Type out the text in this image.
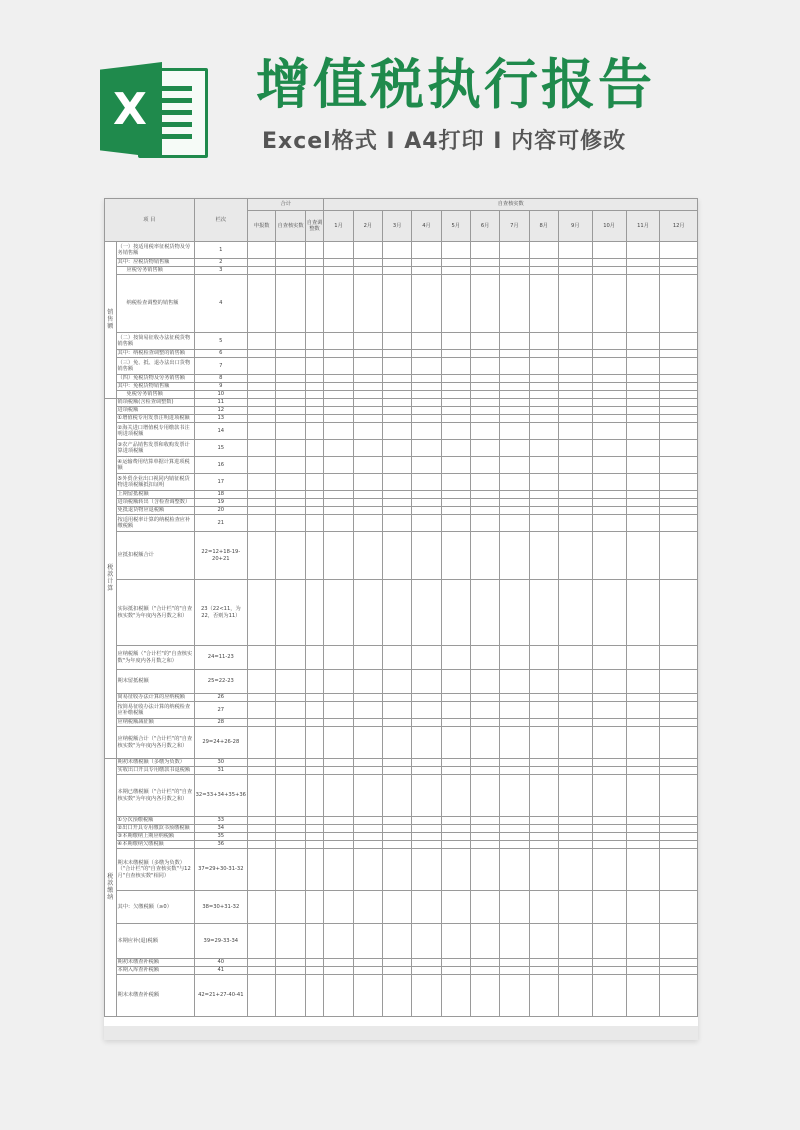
X 增值税执行报告
Excel格式 I A4打印 I 内容可修改
项 目		栏次	合计			自查核实数											
			申报数	自查核实数	自查调整数	1月	2月	3月	4月	5月	6月	7月	8月	9月	10月	11月	12月
销售额	（一）按适用税率征税货物及劳务销售额	1															
	其中：应税货物销售额	2															
	应税劳务销售额	3															
	纳税检查调整的销售额	4															
	（二）按简易征收办法征税货物销售额	5															
	其中：纳税检查调整的销售额	6															
	（三）免、抵、退办法出口货物销售额	7															
	（四）免税货物及劳务销售额	8															
	其中：免税货物销售额	9															
	免税劳务销售额	10															
税款计算	销项税额(含检查调整数)	11															
	进项税额	12															
	①增值税专用发票注明进项税额	13															
	②海关进口增值税专用缴款书注明进项税额	14															
	③农产品销售发票和收购发票计算进项税额	15															
	④运输费用结算单据计算进项税额	16															
	⑤外贸企业出口视同内销征税货物进项税额抵扣证明	17															
	上期留抵税额	18															
	进项税额转出（含检查调整数）	19															
	免抵退货物应退税额	20															
	按适用税率计算的纳税检查应补缴税额	21															
	应抵扣税额合计	22=12+18-19-20+21															
	实际抵扣税额（"合计栏"的"自查核实数"为年度内各月数之和）	23（22<11，为22，否则为11）															
	应纳税额（"合计栏"的"自查核实数"为年度内各月数之和）	24=11-23															
	期末留抵税额	25=22-23															
	简易征收办法计算的应纳税额	26															
	按简易征收办法计算的纳税检查应补缴税额	27															
	应纳税额减征额	28															
	应纳税额合计（"合计栏"的"自查核实数"为年度内各月数之和）	29=24+26-28															
税款缴纳	期初未缴税额（多缴为负数）	30															
	实收出口开具专用缴款书退税额	31															
	本期已缴税额（"合计栏"的"自查核实数"为年度内各月数之和）	32=33+34+35+36															
	①分次预缴税额	33															
	②出口开具专用缴款书预缴税额	34															
	③本期缴纳上期应纳税额	35															
	④本期缴纳欠缴税额	36															
	期末未缴税额（多缴为负数）（"合计栏"的"自查核实数"与12月"自查核实数"相同）	37=29+30-31-32															
	其中：欠缴税额（≥0）	38=30+31-32															
	本期应补(退)税额	39=29-33-34															
	期初未缴查补税额	40															
	本期入库查补税额	41															
	期末未缴查补税额	42=21+27-40-41															
